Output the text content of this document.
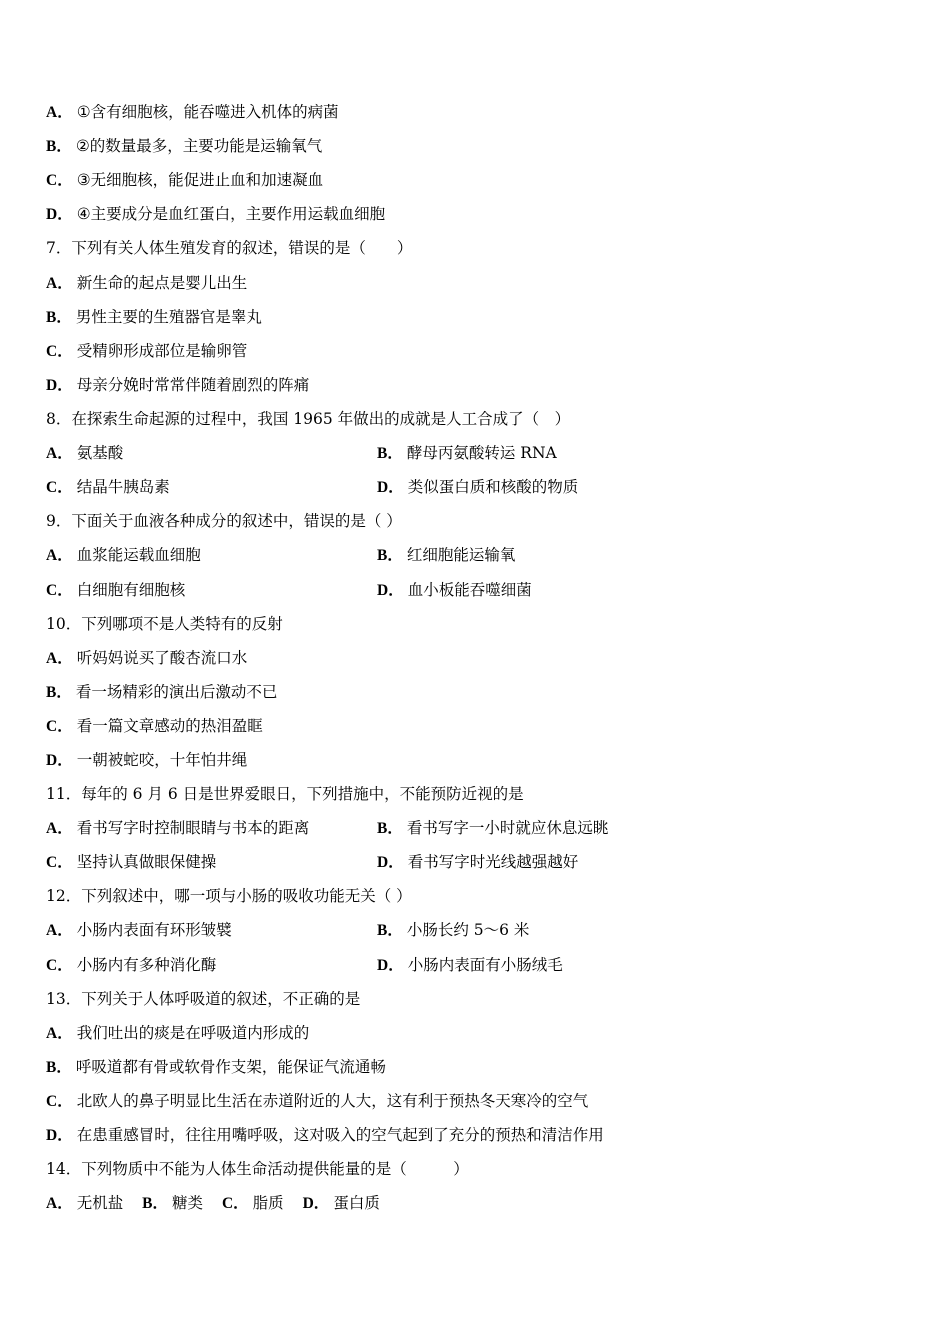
A． ①含有细胞核，能吞噬进入机体的病菌
B． ②的数量最多，主要功能是运输氧气
C． ③无细胞核，能促进止血和加速凝血
D． ④主要成分是血红蛋白，主要作用运载血细胞
7．下列有关人体生殖发育的叙述，错误的是（　　）
A． 新生命的起点是婴儿出生
B． 男性主要的生殖器官是睾丸
C． 受精卵形成部位是输卵管
D． 母亲分娩时常常伴随着剧烈的阵痛
8．在探索生命起源的过程中，我国 1965 年做出的成就是人工合成了（　）
A． 氨基酸	B． 酵母丙氨酸转运 RNA
C． 结晶牛胰岛素	D． 类似蛋白质和核酸的物质
9．下面关于血液各种成分的叙述中，错误的是（ ）
A． 血浆能运载血细胞	B． 红细胞能运输氧
C． 白细胞有细胞核	D． 血小板能吞噬细菌
10．下列哪项不是人类特有的反射
A． 听妈妈说买了酸杏流口水
B． 看一场精彩的演出后激动不已
C． 看一篇文章感动的热泪盈眶
D． 一朝被蛇咬，十年怕井绳
11．每年的 6 月 6 日是世界爱眼日，下列措施中，不能预防近视的是
A． 看书写字时控制眼睛与书本的距离	B． 看书写字一小时就应休息远眺
C． 坚持认真做眼保健操	D． 看书写字时光线越强越好
12．下列叙述中，哪一项与小肠的吸收功能无关（ ）
A． 小肠内表面有环形皱襞	B． 小肠长约 5～6 米
C． 小肠内有多种消化酶	D． 小肠内表面有小肠绒毛
13．下列关于人体呼吸道的叙述，不正确的是
A． 我们吐出的痰是在呼吸道内形成的
B． 呼吸道都有骨或软骨作支架，能保证气流通畅
C． 北欧人的鼻子明显比生活在赤道附近的人大，这有利于预热冬天寒冷的空气
D． 在患重感冒时，往往用嘴呼吸，这对吸入的空气起到了充分的预热和清洁作用
14．下列物质中不能为人体生命活动提供能量的是（　　　）
A． 无机盐 B． 糖类 C． 脂质 D． 蛋白质
